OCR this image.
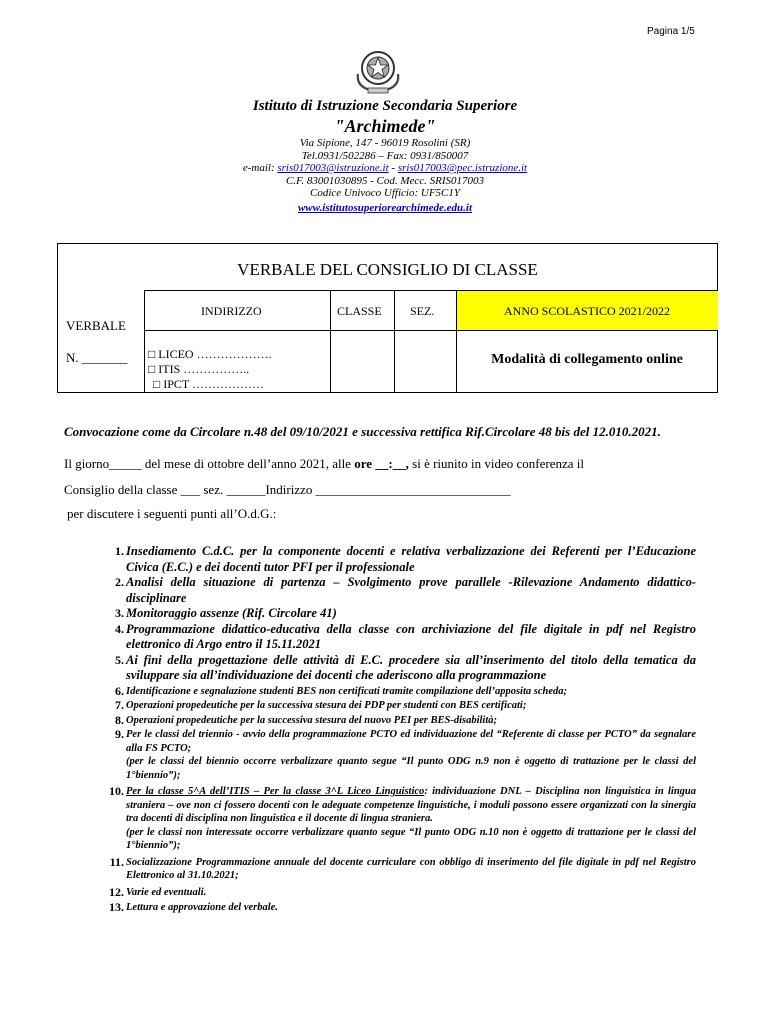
Pagina 1/5
Istituto di Istruzione Secondaria Superiore
"Archimede"
Via Sipione, 147 - 96019 Rosolini (SR)
Tel.0931/502286 – Fax: 0931/850007
e-mail: sris017003@istruzione.it - sris017003@pec.istruzione.it
C.F. 83001030895 - Cod. Mecc. SRIS017003
Codice Univoco Ufficio: UF5C1Y
www.istitutosuperiorearchimede.edu.it
VERBALE DEL CONSIGLIO DI CLASSE
VERBALE
N. _______
INDIRIZZO	CLASSE SEZ.	ANNO SCOLASTICO 2021/2022
□ LICEO ……………….
□ ITIS ……………..
□ IPCT ………………
Modalità di collegamento online
Convocazione come da Circolare n.48 del 09/10/2021 e successiva rettifica Rif.Circolare 48 bis del 12.010.2021.
Il giorno_____ del mese di ottobre dell’anno 2021, alle ore __:__, si è riunito in video conferenza il
Consiglio della classe ___ sez. ______Indirizzo ______________________________
per discutere i seguenti punti all’O.d.G.:
1. Insediamento C.d.C. per la componente docenti e relativa verbalizzazione dei Referenti per l’Educazione Civica (E.C.) e dei docenti tutor PFI per il professionale
2. Analisi della situazione di partenza – Svolgimento prove parallele -Rilevazione Andamento didattico-disciplinare
3. Monitoraggio assenze (Rif. Circolare 41)
4. Programmazione didattico-educativa della classe con archiviazione del file digitale in pdf nel Registro elettronico di Argo entro il 15.11.2021
5. Ai fini della progettazione delle attività di E.C. procedere sia all’inserimento del titolo della tematica da sviluppare sia all’individuazione dei docenti che aderiscono alla programmazione
6. Identificazione e segnalazione studenti BES non certificati tramite compilazione dell’apposita scheda;
7. Operazioni propedeutiche per la successiva stesura dei PDP per studenti con BES certificati;
8. Operazioni propedeutiche per la successiva stesura del nuovo PEI per BES-disabilità;
9. Per le classi del triennio - avvio della programmazione PCTO ed individuazione del “Referente di classe per PCTO” da segnalare alla FS PCTO;
(per le classi del biennio occorre verbalizzare quanto segue “Il punto ODG n.9 non è oggetto di trattazione per le classi del 1°biennio”);
10. Per la classe 5^A dell’ITIS – Per la classe 3^L Liceo Linguistico: individuazione DNL – Disciplina non linguistica in lingua straniera – ove non ci fossero docenti con le adeguate competenze linguistiche, i moduli possono essere organizzati con la sinergia tra docenti di disciplina non linguistica e il docente di lingua straniera.
(per le classi non interessate occorre verbalizzare quanto segue “Il punto ODG n.10 non è oggetto di trattazione per le classi del 1°biennio”);
11. Socializzazione Programmazione annuale del docente curriculare con obbligo di inserimento del file digitale in pdf nel Registro Elettronico al 31.10.2021;
12. Varie ed eventuali.
13. Lettura e approvazione del verbale.
